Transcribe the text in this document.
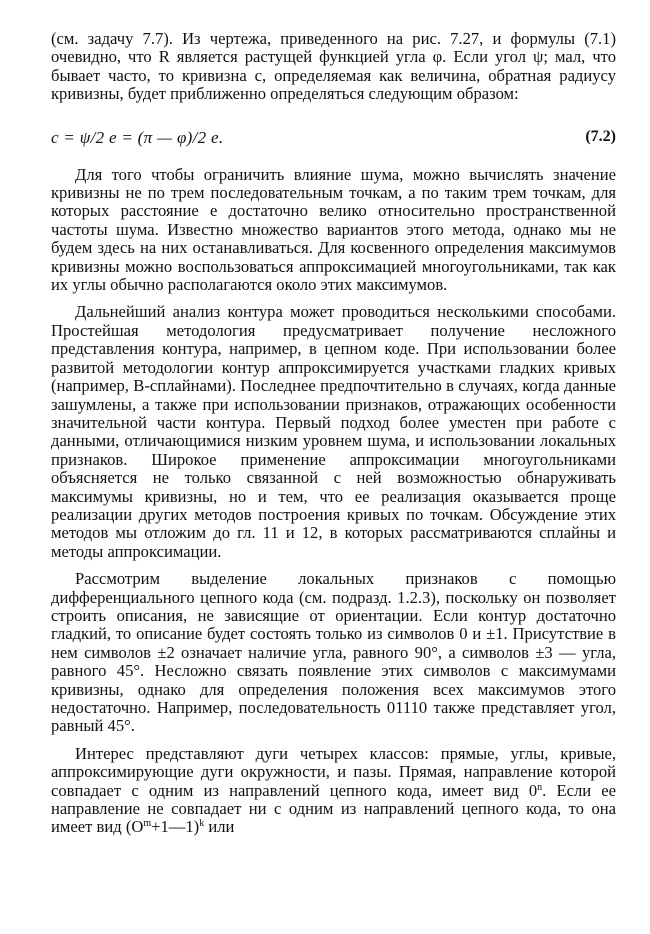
(см. задачу 7.7). Из чертежа, приведенного на рис. 7.27, и формулы (7.1) очевидно, что R является растущей функцией угла φ. Если угол ψ; мал, что бывает часто, то кривизна c, определяемая как величина, обратная радиусу кривизны, будет приближенно определяться следующим образом:

c = ψ/2 e = (π — φ)/2 e.	(7.2)

Для того чтобы ограничить влияние шума, можно вычислять значение кривизны не по трем последовательным точкам, а по таким трем точкам, для которых расстояние e достаточно велико относительно пространственной частоты шума. Известно множество вариантов этого метода, однако мы не будем здесь на них останавливаться. Для косвенного определения максимумов кривизны можно воспользоваться аппроксимацией многоугольниками, так как их углы обычно располагаются около этих максимумов.

Дальнейший анализ контура может проводиться несколькими способами. Простейшая методология предусматривает получение несложного представления контура, например, в цепном коде. При использовании более развитой методологии контур аппроксимируется участками гладких кривых (например, B-сплайнами). Последнее предпочтительно в случаях, когда данные зашумлены, а также при использовании признаков, отражающих особенности значительной части контура. Первый подход более уместен при работе с данными, отличающимися низким уровнем шума, и использовании локальных признаков. Широкое применение аппроксимации многоугольниками объясняется не только связанной с ней возможностью обнаруживать максимумы кривизны, но и тем, что ее реализация оказывается проще реализации других методов построения кривых по точкам. Обсуждение этих методов мы отложим до гл. 11 и 12, в которых рассматриваются сплайны и методы аппроксимации.

Рассмотрим выделение локальных признаков с помощью дифференциального цепного кода (см. подразд. 1.2.3), поскольку он позволяет строить описания, не зависящие от ориентации. Если контур достаточно гладкий, то описание будет состоять только из символов 0 и ±1. Присутствие в нем символов ±2 означает наличие угла, равного 90°, а символов ±3 — угла, равного 45°. Несложно связать появление этих символов с максимумами кривизны, однако для определения положения всех максимумов этого недостаточно. Например, последовательность 01110 также представляет угол, равный 45°.

Интерес представляют дуги четырех классов: прямые, углы, кривые, аппроксимирующие дуги окружности, и пазы. Прямая, направление которой совпадает с одним из направлений цепного кода, имеет вид 0$^n$. Если ее направление не совпадает ни с одним из направлений цепного кода, то она имеет вид $(O^m+1—1)^k$ или
